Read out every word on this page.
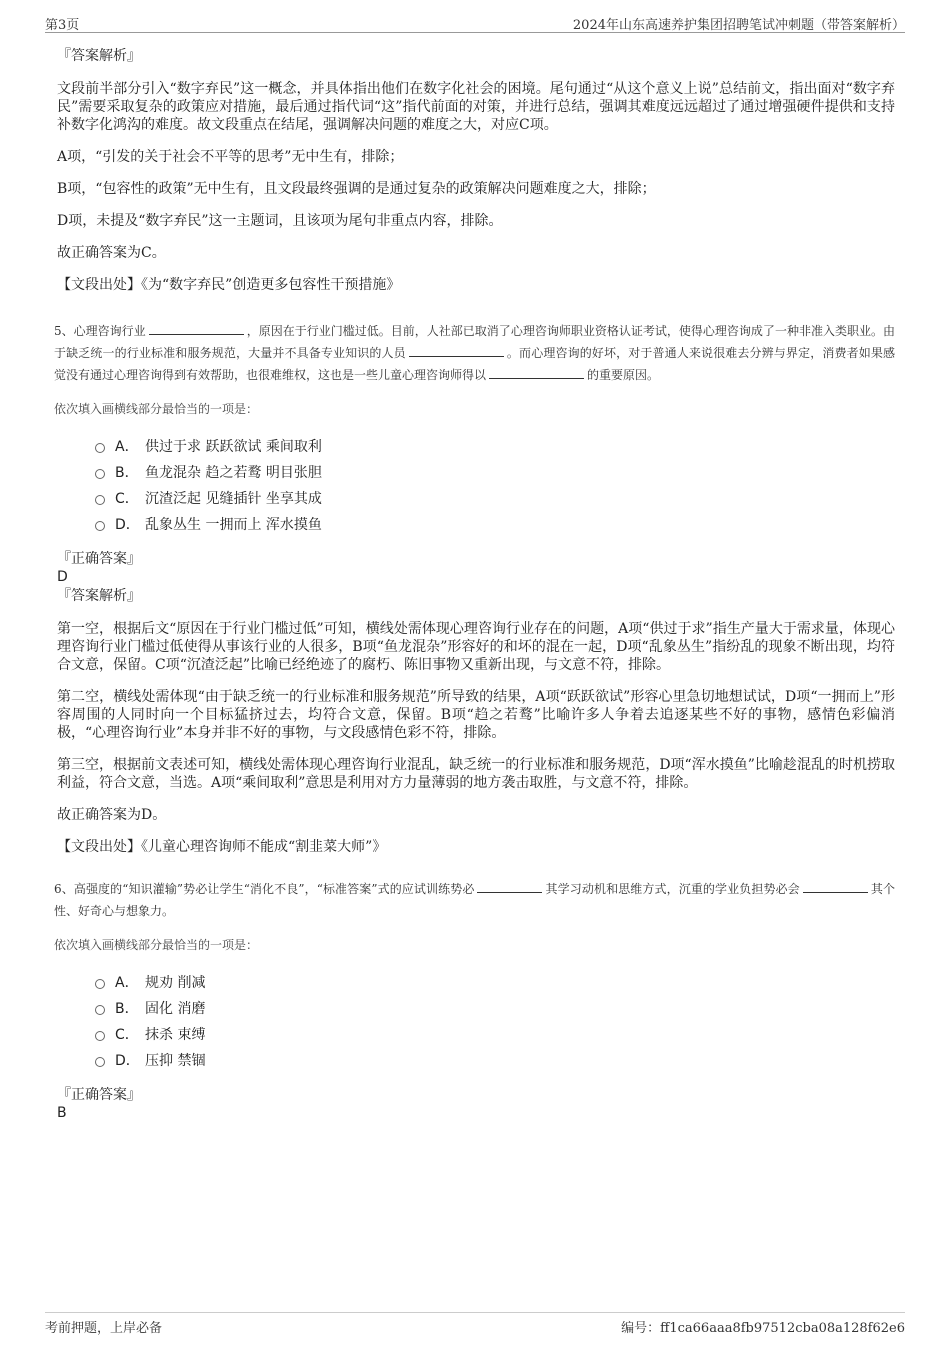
第3页	2024年山东高速养护集团招聘笔试冲刺题（带答案解析）

『答案解析』

文段前半部分引入“数字弃民”这一概念，并具体指出他们在数字化社会的困境。尾句通过“从这个意义上说”总结前文，指出面对“数字弃民”需要采取复杂的政策应对措施，最后通过指代词“这”指代前面的对策，并进行总结，强调其难度远远超过了通过增强硬件提供和支持补数字化鸿沟的难度。故文段重点在结尾，强调解决问题的难度之大，对应C项。

A项，“引发的关于社会不平等的思考”无中生有，排除；

B项，“包容性的政策”无中生有，且文段最终强调的是通过复杂的政策解决问题难度之大，排除；

D项，未提及“数字弃民”这一主题词，且该项为尾句非重点内容，排除。

故正确答案为C。

【文段出处】《为“数字弃民”创造更多包容性干预措施》

5、心理咨询行业	，原因在于行业门槛过低。目前，人社部已取消了心理咨询师职业资格认证考试，使得心理咨询成了一种非准入类职业。由于缺乏统一的行业标准和服务规范，大量并不具备专业知识的人员	。而心理咨询的好坏，对于普通人来说很难去分辨与界定，消费者如果感觉没有通过心理咨询得到有效帮助，也很难维权，这也是一些儿童心理咨询师得以	的重要原因。

依次填入画横线部分最恰当的一项是：

A． 供过于求 跃跃欲试 乘间取利
B． 鱼龙混杂 趋之若鹜 明目张胆
C． 沉渣泛起 见缝插针 坐享其成
D． 乱象丛生 一拥而上 浑水摸鱼

『正确答案』

D

『答案解析』

第一空，根据后文“原因在于行业门槛过低”可知，横线处需体现心理咨询行业存在的问题，A项“供过于求”指生产量大于需求量，体现心理咨询行业门槛过低使得从事该行业的人很多，B项“鱼龙混杂”形容好的和坏的混在一起，D项“乱象丛生”指纷乱的现象不断出现，均符合文意，保留。C项“沉渣泛起”比喻已经绝迹了的腐朽、陈旧事物又重新出现，与文意不符，排除。

第二空，横线处需体现“由于缺乏统一的行业标准和服务规范”所导致的结果，A项“跃跃欲试”形容心里急切地想试试，D项“一拥而上”形容周围的人同时向一个目标猛挤过去，均符合文意，保留。B项“趋之若鹜”比喻许多人争着去追逐某些不好的事物，感情色彩偏消极，“心理咨询行业”本身并非不好的事物，与文段感情色彩不符，排除。

第三空，根据前文表述可知，横线处需体现心理咨询行业混乱，缺乏统一的行业标准和服务规范，D项“浑水摸鱼”比喻趁混乱的时机捞取利益，符合文意，当选。A项“乘间取利”意思是利用对方力量薄弱的地方袭击取胜，与文意不符，排除。

故正确答案为D。

【文段出处】《儿童心理咨询师不能成“割韭菜大师”》

6、高强度的“知识灌输”势必让学生“消化不良”，“标准答案”式的应试训练势必	其学习动机和思维方式，沉重的学业负担势必会	其个性、好奇心与想象力。

依次填入画横线部分最恰当的一项是：

A． 规劝 削减
B． 固化 消磨
C． 抹杀 束缚
D． 压抑 禁锢

『正确答案』

B

考前押题，上岸必备	编号：ff1ca66aaa8fb97512cba08a128f62e6
